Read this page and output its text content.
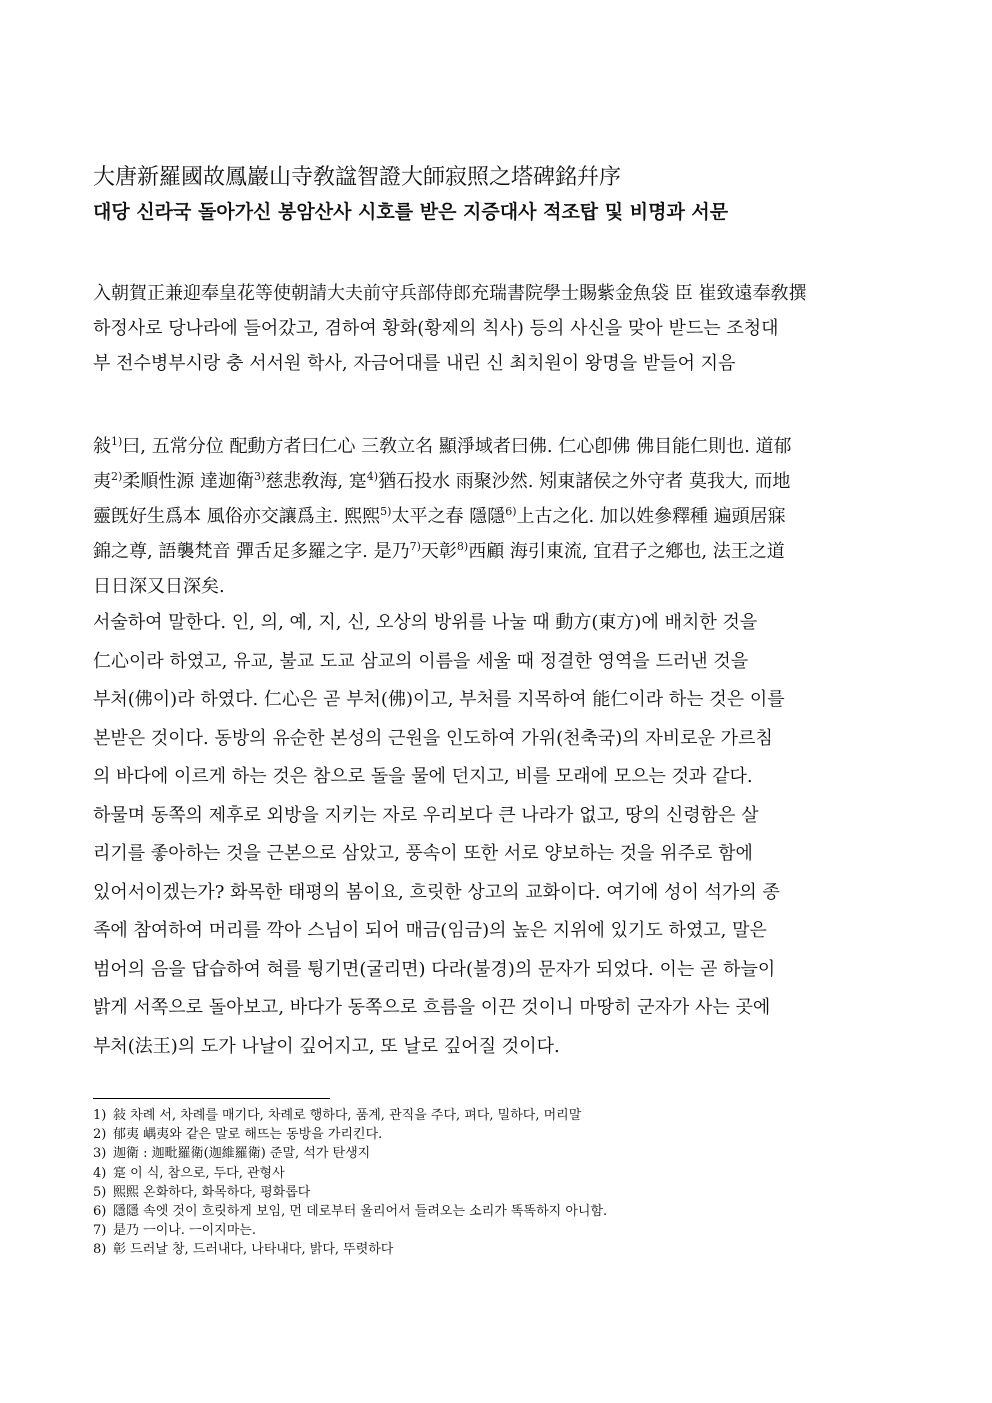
大唐新羅國故鳳巖山寺敎諡智證大師寂照之塔碑銘幷序
대당 신라국 돌아가신 봉암산사 시호를 받은 지증대사 적조탑 및 비명과 서문
入朝賀正兼迎奉皇花等使朝請大夫前守兵部侍郎充瑞書院學士賜紫金魚袋 臣 崔致遠奉敎撰
하정사로 당나라에 들어갔고, 겸하여 황화(황제의 칙사) 등의 사신을 맞아 받드는 조청대
부 전수병부시랑 충 서서원 학사, 자금어대를 내린 신 최치원이 왕명을 받들어 지음
敍$^{1)}$曰, 五常分位 配動方者曰仁心 三敎立名 顯淨域者曰佛. 仁心卽佛 佛目能仁則也. 道郁
夷$^{2)}$柔順性源 達迦衛$^{3)}$慈悲敎海, 寔$^{4)}$猶石投水 雨聚沙然. 矧東諸侯之外守者 莫我大, 而地
靈旣好生爲本 風俗亦交讓爲主. 熙熙$^{5)}$太平之春 隱隱$^{6)}$上古之化. 加以姓參釋種 遍頭居寐
錦之尊, 語襲梵音 彈舌足多羅之字. 是乃$^{7)}$天彰$^{8)}$西顧 海引東流, 宜君子之鄕也, 法王之道
日日深又日深矣.
서술하여 말한다. 인, 의, 예, 지, 신, 오상의 방위를 나눌 때 動方(東方)에 배치한 것을
仁心이라 하였고, 유교, 불교 도교 삼교의 이름을 세울 때 정결한 영역을 드러낸 것을
부처(佛이)라 하였다. 仁心은 곧 부처(佛)이고, 부처를 지목하여 能仁이라 하는 것은 이를
본받은 것이다. 동방의 유순한 본성의 근원을 인도하여 가위(천축국)의 자비로운 가르침
의 바다에 이르게 하는 것은 참으로 돌을 물에 던지고, 비를 모래에 모으는 것과 같다.
하물며 동쪽의 제후로 외방을 지키는 자로 우리보다 큰 나라가 없고, 땅의 신령함은 살
리기를 좋아하는 것을 근본으로 삼았고, 풍속이 또한 서로 양보하는 것을 위주로 함에
있어서이겠는가? 화목한 태평의 봄이요, 흐릿한 상고의 교화이다. 여기에 성이 석가의 종
족에 참여하여 머리를 깍아 스님이 되어 매금(임금)의 높은 지위에 있기도 하였고, 말은
범어의 음을 답습하여 혀를 튕기면(굴리면) 다라(불경)의 문자가 되었다. 이는 곧 하늘이
밝게 서쪽으로 돌아보고, 바다가 동쪽으로 흐름을 이끈 것이니 마땅히 군자가 사는 곳에
부처(法王)의 도가 나날이 깊어지고, 또 날로 깊어질 것이다.
1) 敍 차례 서, 차례를 매기다, 차례로 행하다, 품계, 관직을 주다, 펴다, 밀하다, 머리말
2) 郁夷 嵎夷와 같은 말로 해뜨는 동방을 가리킨다.
3) 迦衛 : 迦毗羅衛(迦維羅衛) 준말, 석가 탄생지
4) 寔 이 식, 참으로, 두다, 관형사
5) 熙熙 온화하다, 화목하다, 평화롭다
6) 隱隱 속엣 것이 흐릿하게 보임, 먼 데로부터 울리어서 들려오는 소리가 똑똑하지 아니함.
7) 是乃 ㅡ이나. ㅡ이지마는.
8) 彰 드러날 창, 드러내다, 나타내다, 밝다, 뚜렷하다
